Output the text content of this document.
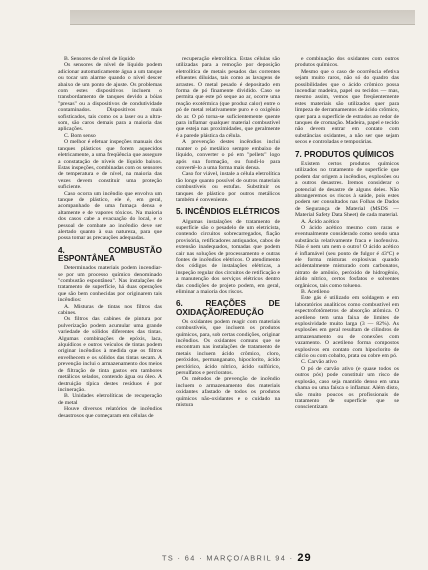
B. Sensores de nível de líquido

Os sensores de nível de líquido podem adicionar automaticamente água a um tanque ou tocar um alarme quando o nível descer abaixo de um ponto de ajuste. Os problemas com estes dispositivos incluem o transbordamento de tanques devido a bóias "presas" ou a dispositivos de condutividade contaminados. Dispositivos mais sofisticados, tais como os a laser ou a ultra-som, são caros demais para a maioria das aplicações.

C. Bom senso

O melhor é efetuar inspeções manuais dos tanques plásticos que forem aquecidos eletricamente, a uma freqüência que assegure a constatação de níveis de líquido baixos. Estas inspeções, combinadas com os sensores de temperatura e de nível, na maioria das vezes devem constituir uma proteção suficiente.

Caso ocorra um incêndio que envolva um tanque de plástico, ele é, em geral, acompanhado de uma fumaça densa e altamente e de vapores tóxicos. Na maioria dos casos cabe a evacuação do local, e o pessoal de combate ao incêndio deve ser alertado quanto à sua natureza, para que possa tomar as precauções adequadas.

4. COMBUSTÃO ESPONTÂNEA

Determinados materiais podem incendiar-se por um processo químico denominado "combustão espontânea". Nas instalações de tratamento de superfície, há duas operações que são bem conhecidas por originarem tais incêndios:

A. Misturas de tintas nos filtros das cabines.

Os filtros das cabines de pintura por pulverização podem acumular uma grande variedade de sólidos diferentes das tintas. Algumas combinações de epóxis, laca, alquídicos e outros veículos de tintas podem originar incêndios à medida que os filtros envelhecem e os sólidos das tintas secam. A prevenção inclui o armazenamento dos meios de filtração de tinta gastos em tambores metálicos selados, contendo água ou óleo. A destruição típica destes resíduos é por incineração.

B. Unidades eletrolíticas de recuperação de metal

Houve diversos relatórios de incêndios desastrosos que começaram em células de

recuperação eletrolítica. Estas células são utilizadas para a remoção por deposição eletrolítica de metais pesados das correntes efluentes diluídas, tais como as lavagens de arrastes. O metal pesado é depositado em forma de pó finamente dividido. Caso se permita que este pó seque ao ar, ocorre uma reação exotérmica (que produz calor) entre o pó de metal relativamente puro e o oxigênio do ar. O pó torna-se suficientemente quente para inflamar qualquer material combustível que esteja nas proximidades, que geralmente é a parede plástica da célula.

A prevenção destes incêndios inclui manter o pó metálico sempre embaixo de líquido, converter o pó em "pellets" logo após sua formação, ou fundi-lo para convertê-lo a uma forma mais densa.

Caso for viável, instale a célula eletrolítica tão longe quanto possível de outros materiais combustíveis ou estufas. Substituir os tanques de plástico por outros metálicos também é conveniente.

5. INCÊNDIOS ELÉTRICOS

Algumas instalações de tratamento de superfície são o pesadelo de um eletricista, contendo circuitos sobrecarregados, fiação provisória, retificadores antiquados, cabos de extensão inadequados, tomadas que podem cair nas soluções de processamento e outras fontes de incêndios elétricos. O atendimento dos códigos de instalações elétricas, a inspeção regular dos circuitos de retificação e a manutenção dos serviços elétricos dentro das condições de projeto podem, em geral, eliminar a maioria dos riscos.

6. REAÇÕES DE OXIDAÇÃO/REDUÇÃO

Os oxidantes podem reagir com materiais combustíveis, que incluem os produtos químicos, para, sob certas condições, originar incêndios. Os oxidantes comuns que se encontram nas instalações de tratamento de metais incluem ácido crômico, cloro, peróxidos, permanganato, hipoclorito, ácido perclórico, ácido nítrico, ácido sulfúrico, persulfatos e percloratos.

Os métodos de prevenção de incêndio incluem o armazenamento dos materiais oxidantes afastado de todos os produtos químicos não-oxidantes e o cuidado na mistura

e combinação dos oxidantes com outros produtos químicos.

Mesmo que o caso de ocorrência efetiva sejam muito raros, não só do quadro das possibilidades que o ácido crômico possa incendiar madeira, papel ou tecidos — mas, mesmo assim, vemos que freqüentemente estes materiais são utilizados quer para limpeza de derramamentos de ácido crômico, quer para a superfície de estrados ao redor de tanques de cromação. Madeira, papel e tecido não devem entrar em contato com substâncias oxidantes, a não ser que sejam secos e controladas e temporárias.

7. PRODUTOS QUÍMICOS

Existem certos produtos químicos utilizados no tratamento de superfície que podem dar origem a incêndios, explosões ou a outros desastres. Iremos considerar o potencial de desastre de alguns deles. Não abrangeremos os riscos à saúde, pois estes podem ser consultados nas Folhas de Dados de Segurança de Material (MSDS — Material Safety Data Sheet) de cada material.

A. Ácido acético

O ácido acético mesmo com raras e eventualmente considerado como sendo uma substância relativamente fraca e inofensiva. Não é nem um nem o outro! O ácido acético é inflamável (seu ponto de fulgor é 43ºC) e ele forma misturas explosivas quando acidentalmente misturado com carbonatos, nitrato de amônio, peróxido de hidrogênio, ácido nítrico, certos fosfatos e solventes orgânicos, tais como tolueno.

B. Acetileno

Este gás é utilizado em soldagem e em laboratórios analíticos como combustível em espectrofotômetros de absorção atômica. O acetileno tem uma faixa de limites de explosividade muito larga (3 — 82%). As explosões em geral resultam de cilindros de armazenamento ou de conexões com vazamento. O acetileno forma compostos explosivos em contato com hipoclorito de cálcio ou com cobalto, prata ou cobre em pó.

C. Carvão ativo

O pó de carvão ativo (e quase todos os outros pós) pode constituir um risco de explosão, caso seja mantido denso em uma chama ou uma faísca o inflamar. Além disto, são muito poucos os profissionais de tratamento de superfície que se conscientizam

TS · 64 · MARÇO/ABRIL 94 · 29
